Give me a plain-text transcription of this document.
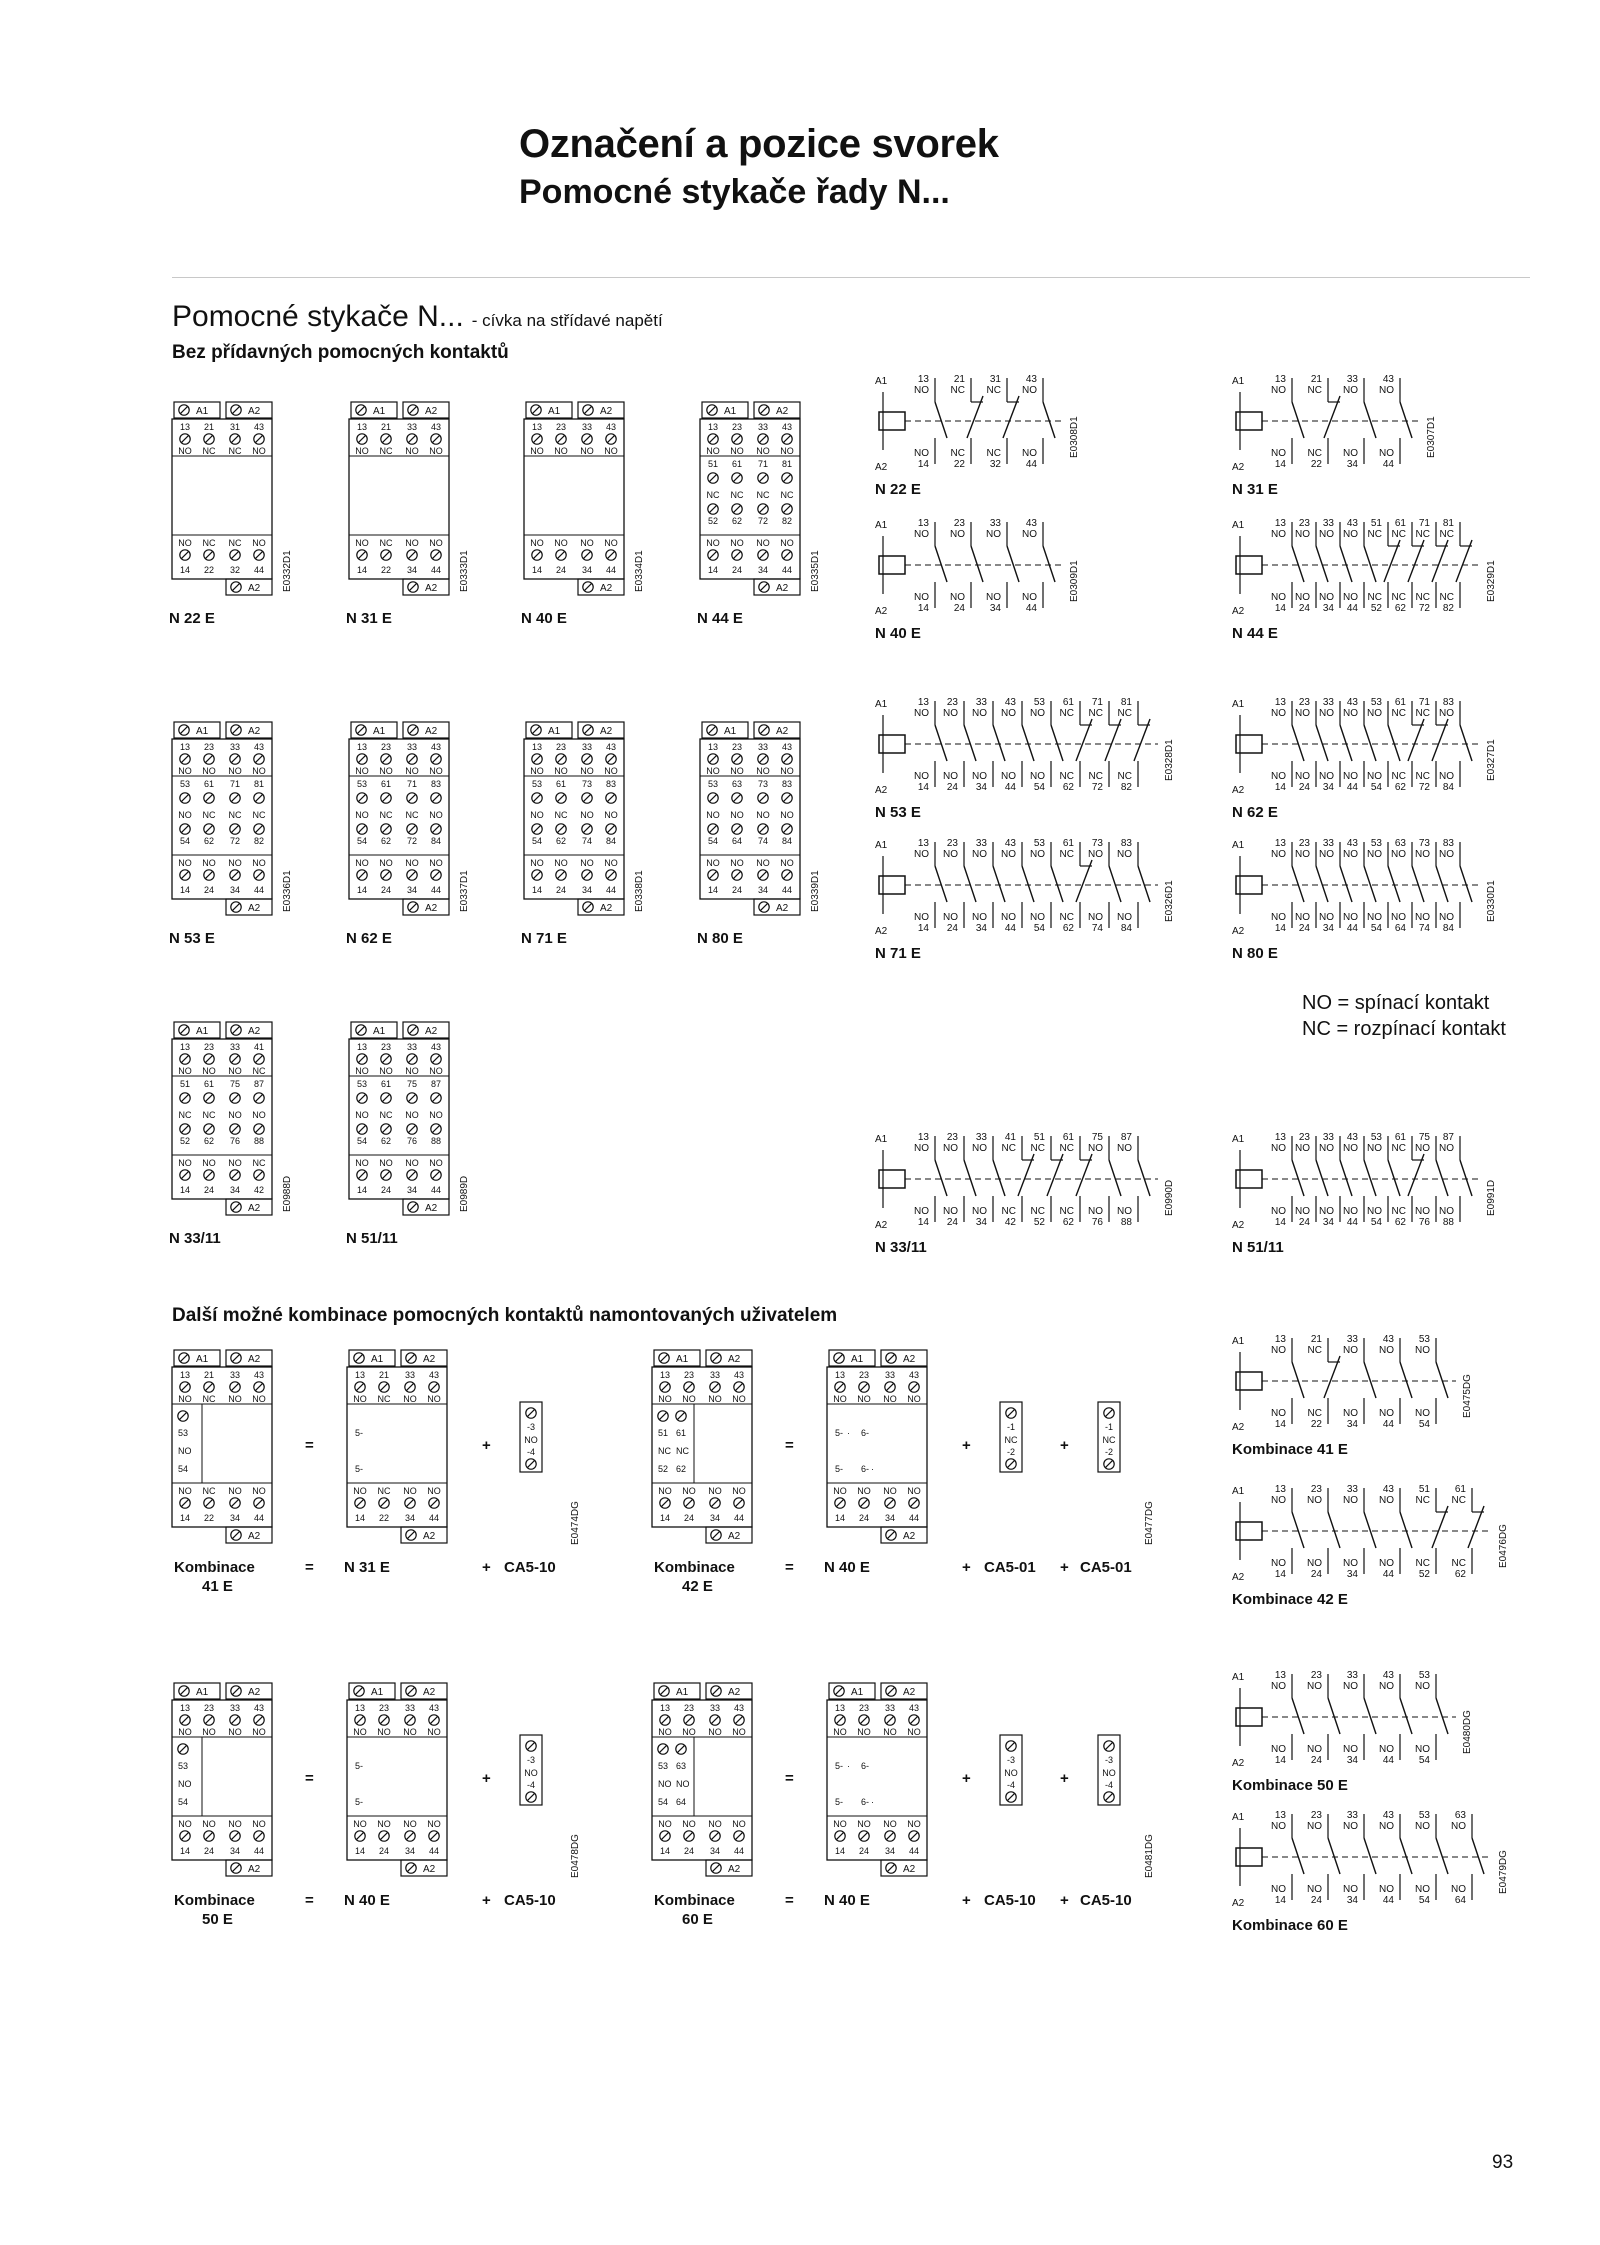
Označení a pozice svorek
Pomocné stykače řady N...
Pomocné stykače N... - cívka na střídavé napětí
Bez přídavných pomocných kontaktů
Další možné kombinace pomocných kontaktů namontovaných uživatelem
NO = spínací kontakt
NC = rozpínací kontakt
93
A1	A2
13 21 31 43
NO NC NC NO
NO NC NC NO
14 22 32 44
A2 E0332D1
N 22 E
A1	A2
13 21 33 43
NO NC NO NO
NO NC NO NO
14 22 34 44
A2 E0333D1
N 31 E
A1	A2
13 23 33 43
NO NO NO NO
NO NO NO NO
14 24 34 44
A2 E0334D1
N 40 E
A1	A2
13 23 33 43
NO NO NO NO
51 61 71 81
NC NC NC NC
52 62 72 82
NO NO NO NO
14 24 34 44
A2 E0335D1
N 44 E
A1	A2
13 23 33 43
NO NO NO NO
53 61 71 81
NO NC NC NC
54 62 72 82
NO NO NO NO
14 24 34 44
A2 E0336D1
N 53 E
A1	A2
13 23 33 43
NO NO NO NO
53 61 71 83
NO NC NC NO
54 62 72 84
NO NO NO NO
14 24 34 44
A2 E0337D1
N 62 E
A1	A2
13 23 33 43
NO NO NO NO
53 61 73 83
NO NC NO NO
54 62 74 84
NO NO NO NO
14 24 34 44
A2 E0338D1
N 71 E
A1	A2
13 23 33 43
NO NO NO NO
53 63 73 83
NO NO NO NO
54 64 74 84
NO NO NO NO
14 24 34 44
A2 E0339D1
N 80 E
A1	A2
13 23 33 41
NO NO NO NC
51 61 75 87
NC NC NO NO
52 62 76 88
NO NO NO NC
14 24 34 42
A2 E0988D
N 33/11
A1	A2
13 23 33 43
NO NO NO NO
53 61 75 87
NO NC NO NO
54 62 76 88
NO NO NO NO
14 24 34 44
A2 E0989D
N 51/11
A1
A2
13
NO
NO
14
21
NC
NC
22
31
NC
NC
32
43
NO
NO
44
E0308D1
N 22 E
A1
A2
13
NO
NO
14
21
NC
NC
22
33
NO
NO
34
43
NO
NO
44
E0307D1
N 31 E
A1
A2
13
NO
NO
14
23
NO
NO
24
33
NO
NO
34
43
NO
NO
44
E0309D1
N 40 E
A1
A2
13
NO
NO
14
23
NO
NO
24
33
NO
NO
34
43
NO
NO
44
51
NC
NC
52
61
NC
NC
62
71
NC
NC
72
81
NC
NC
82
E0329D1
N 44 E
A1
A2
13
NO
NO
14
23
NO
NO
24
33
NO
NO
34
43
NO
NO
44
53
NO
NO
54
61
NC
NC
62
71
NC
NC
72
81
NC
NC
82
E0328D1
N 53 E
A1
A2
13
NO
NO
14
23
NO
NO
24
33
NO
NO
34
43
NO
NO
44
53
NO
NO
54
61
NC
NC
62
71
NC
NC
72
83
NO
NO
84
E0327D1
N 62 E
A1
A2
13
NO
NO
14
23
NO
NO
24
33
NO
NO
34
43
NO
NO
44
53
NO
NO
54
61
NC
NC
62
73
NO
NO
74
83
NO
NO
84
E0326D1
N 71 E
A1
A2
13
NO
NO
14
23
NO
NO
24
33
NO
NO
34
43
NO
NO
44
53
NO
NO
54
63
NO
NO
64
73
NO
NO
74
83
NO
NO
84
E0330D1
N 80 E
A1
A2
13
NO
NO
14
23
NO
NO
24
33
NO
NO
34
41
NC
NC
42
51
NC
NC
52
61
NC
NC
62
75
NO
NO
76
87
NO
NO
88
E0990D
N 33/11
A1
A2
13
NO
NO
14
23
NO
NO
24
33
NO
NO
34
43
NO
NO
44
53
NO
NO
54
61
NC
NC
62
75
NO
NO
76
87
NO
NO
88
E0991D
N 51/11
A1
A2
13
NO
NO
14
21
NC
NC
22
33
NO
NO
34
43
NO
NO
44
53
NO
NO
54
E0475DG
Kombinace 41 E
A1
A2
13
NO
NO
14
23
NO
NO
24
33
NO
NO
34
43
NO
NO
44
51
NC
NC
52
61
NC
NC
62
E0476DG
Kombinace 42 E
A1
A2
13
NO
NO
14
23
NO
NO
24
33
NO
NO
34
43
NO
NO
44
53
NO
NO
54
E0480DG
Kombinace 50 E
A1
A2
13
NO
NO
14
23
NO
NO
24
33
NO
NO
34
43
NO
NO
44
53
NO
NO
54
63
NO
NO
64
E0479DG
Kombinace 60 E
=	+
E0474DG
Kombinace
41 E
= N 31 E	+ CA5-10
A1	A2
13 21 33 43
NO NC NO NO
53
NO
54
NO NC NO NO
14 22 34 44
A2
A1	A2
13 21 33 43
NO NC NO NO
5-
5-
NO NC NO NO
14 22 34 44
A2
-3
NO
-4	=	+	+
E0477DG
Kombinace
42 E
= N 40 E	+ CA5-01 + CA5-01
A1	A2
13 23 33 43
NO NO NO NO
51
NC
52
61
NC
62
NO NO NO NO
14 24 34 44
A2
A1	A2
13 23 33 43
NO NO NO NO
5-
5-
6-
6- ·
·
NO NO NO NO
14 24 34 44
A2
-1
NC
-2
-1
NC
-2
=	+
E0478DG
Kombinace
50 E
= N 40 E	+ CA5-10
A1	A2
13 23 33 43
NO NO NO NO
53
NO
54
NO NO NO NO
14 24 34 44
A2
A1	A2
13 23 33 43
NO NO NO NO
5-
5-
NO NO NO NO
14 24 34 44
A2
-3
NO
-4	=	+	+
E0481DG
Kombinace
60 E
= N 40 E	+ CA5-10 + CA5-10
A1	A2
13 23 33 43
NO NO NO NO
53
NO
54
63
NO
64
NO NO NO NO
14 24 34 44
A2
A1	A2
13 23 33 43
NO NO NO NO
5-
5-
6-
6- ·
·
NO NO NO NO
14 24 34 44
A2
-3
NO
-4
-3
NO
-4
